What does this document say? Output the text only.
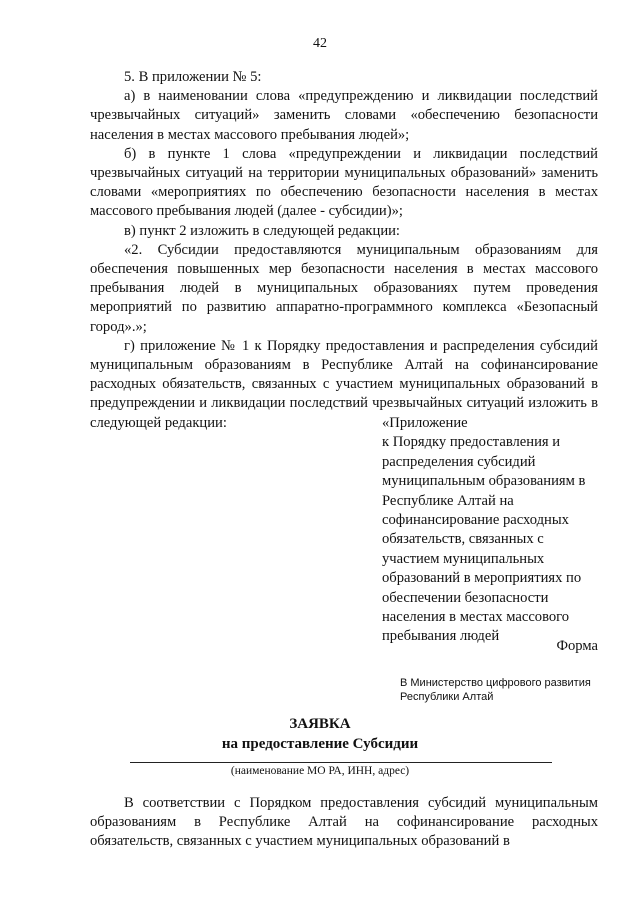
42

5. В приложении № 5:

а) в наименовании слова «предупреждению и ликвидации последствий чрезвычайных ситуаций» заменить словами «обеспечению безопасности населения в местах массового пребывания людей»;

б) в пункте 1 слова «предупреждении и ликвидации последствий чрезвычайных ситуаций на территории муниципальных образований» заменить словами «мероприятиях по обеспечению безопасности населения в местах массового пребывания людей (далее - субсидии)»;

в) пункт 2 изложить в следующей редакции:

«2. Субсидии предоставляются муниципальным образованиям для обеспечения повышенных мер безопасности населения в местах массового пребывания людей в муниципальных образованиях путем проведения мероприятий по развитию аппаратно-программного комплекса «Безопасный город».»;

г) приложение № 1 к Порядку предоставления и распределения субсидий муниципальным образованиям в Республике Алтай на софинансирование расходных обязательств, связанных с участием муниципальных образований в предупреждении и ликвидации последствий чрезвычайных ситуаций изложить в следующей редакции:	«Приложение
к Порядку предоставления и
распределения субсидий
муниципальным образованиям в
Республике Алтай на
софинансирование расходных
обязательств, связанных с
участием муниципальных
образований в мероприятиях по
обеспечении безопасности
населения в местах массового
пребывания людей
Форма
В Министерство цифрового развития
Республики Алтай
ЗАЯВКА
на предоставление Субсидии
(наименование МО РА, ИНН, адрес)

В соответствии с Порядком предоставления субсидий муниципальным образованиям в Республике Алтай на софинансирование расходных обязательств, связанных с участием муниципальных образований в
